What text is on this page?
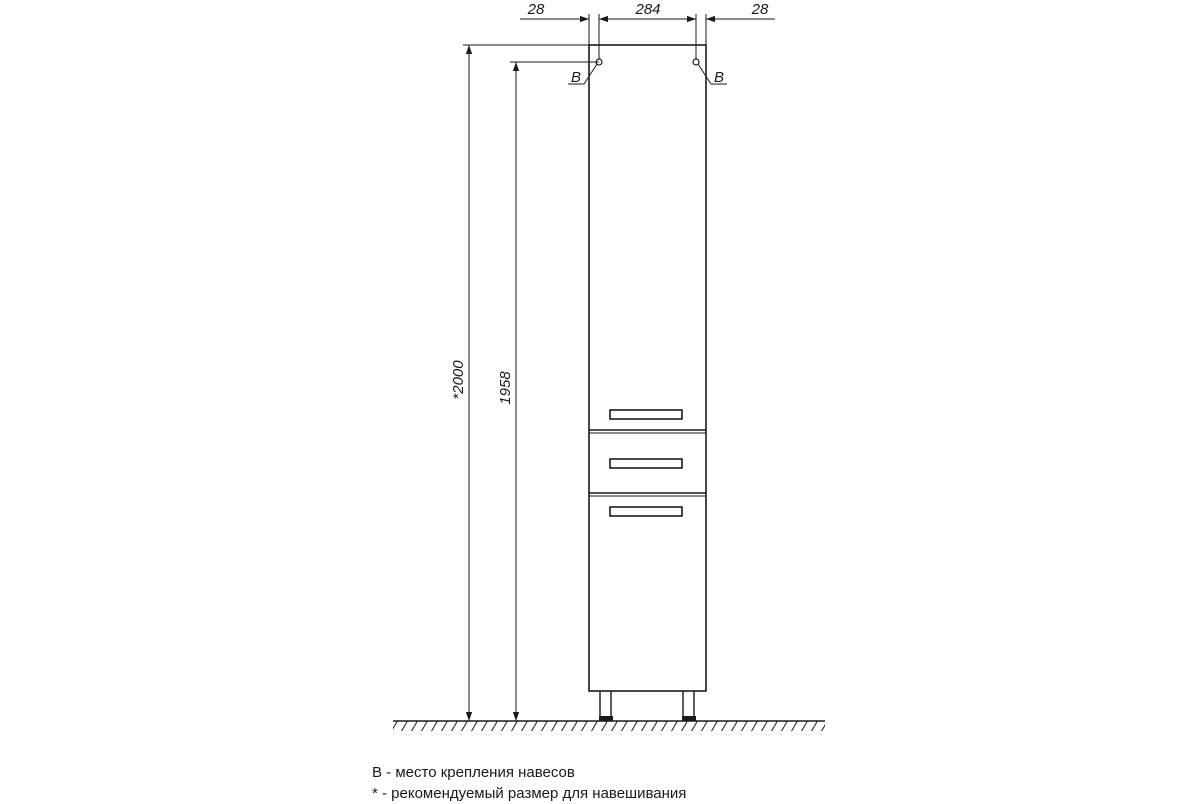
28	284	28
B	B
*2000 1958
В - место крепления навесов
* - рекомендуемый размер для навешивания
